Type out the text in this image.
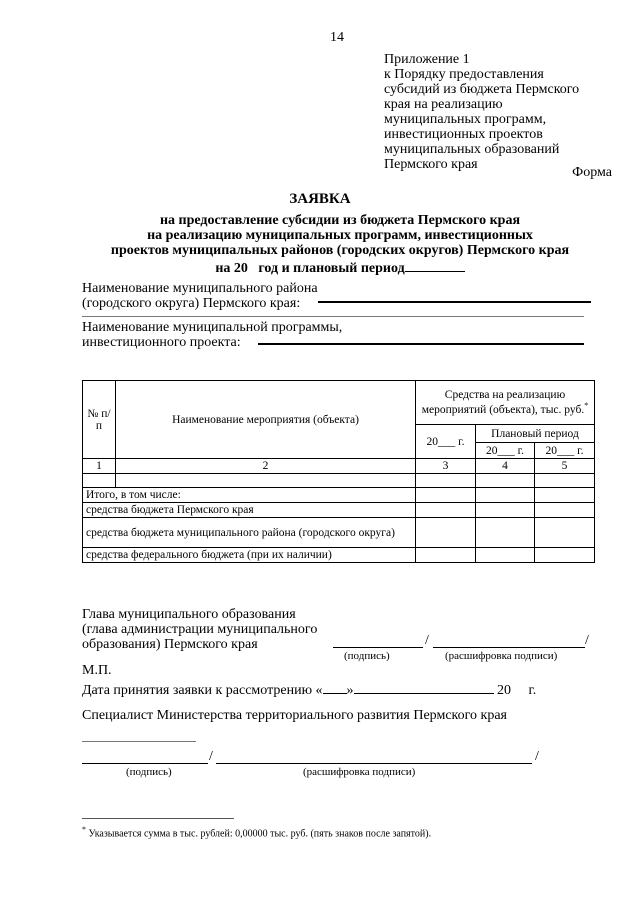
14
Приложение 1
к Порядку предоставления
субсидий из бюджета Пермского
края на реализацию
муниципальных программ,
инвестиционных проектов
муниципальных образований
Пермского края
Форма
ЗАЯВКА
на предоставление субсидии из бюджета Пермского края
на реализацию муниципальных программ, инвестиционных
проектов муниципальных районов (городских округов) Пермского края
на 20 год и плановый период
Наименование муниципального района
(городского округа) Пермского края:
Наименование муниципальной программы,
инвестиционного проекта:
№ п/п	Наименование мероприятия (объекта)	Средства на реализацию мероприятий (объекта), тыс. руб.*
		20___ г.	Плановый период	
			20___ г.	20___ г.
1	2	3	4	5

Итого, в том числе:				
средства бюджета Пермского края				
средства бюджета муниципального района (городского округа)				
средства федерального бюджета (при их наличии)				
Глава муниципального образования
(глава администрации муниципального
образования) Пермского края	/	/
(подпись)	(расшифровка подписи)
М.П.
Дата принятия заявки к рассмотрению « »	20 г.
Специалист Министерства территориального развития Пермского края
/	/
(подпись)	(расшифровка подписи)
* Указывается сумма в тыс. рублей: 0,00000 тыс. руб. (пять знаков после запятой).
